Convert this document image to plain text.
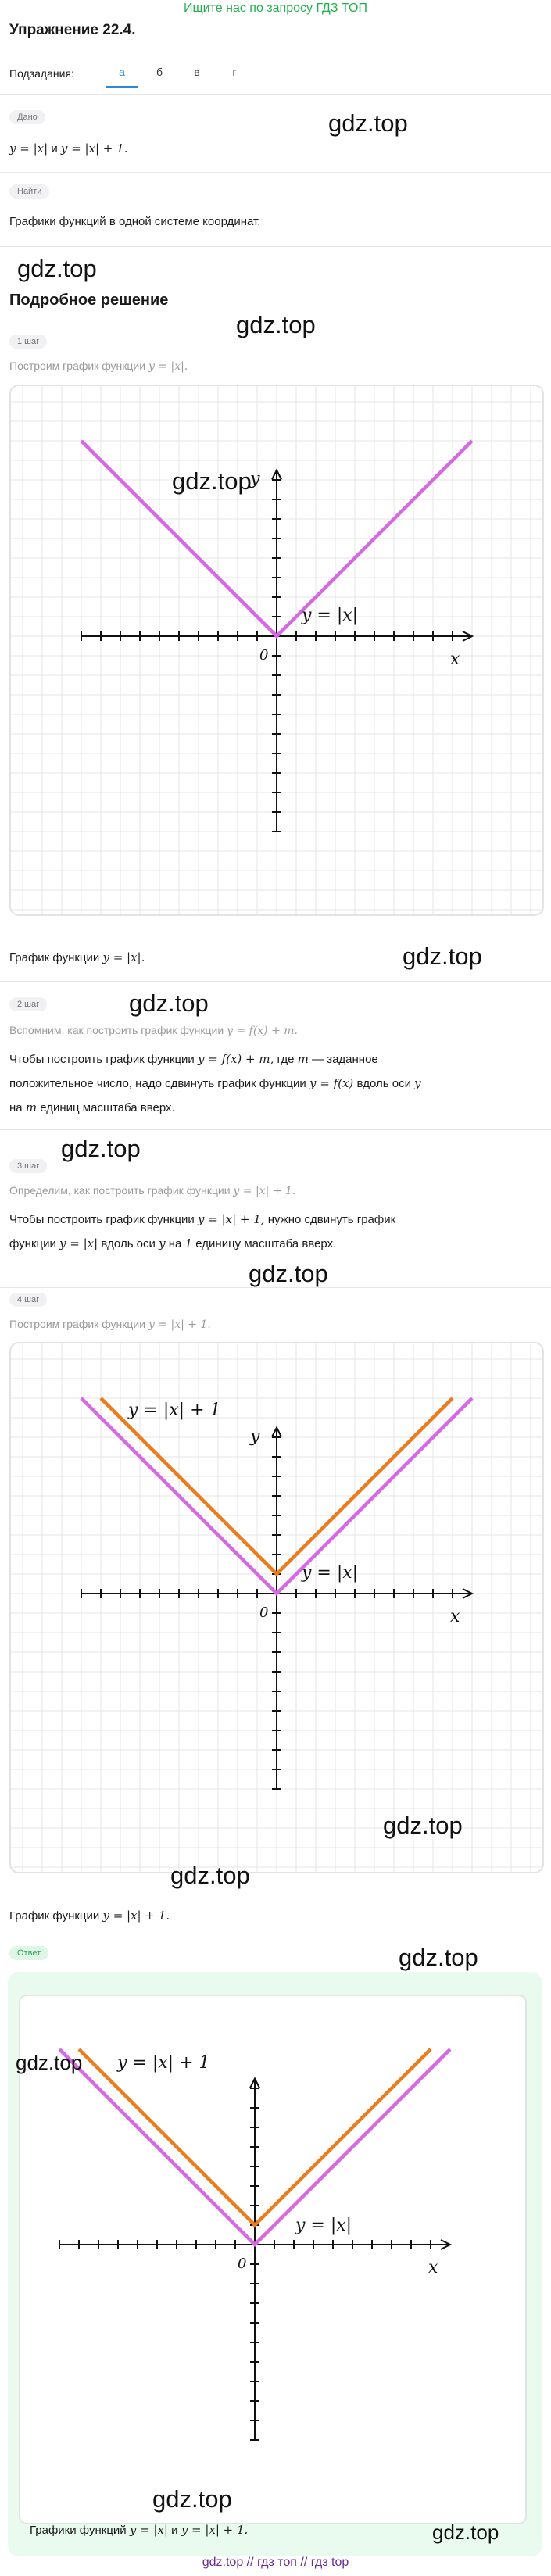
Ищите нас по запросу ГДЗ ТОП
Упражнение 22.4.
Подзадания:	а	б	в	г
Дано
y = |x| и y = |x| + 1.
gdz.top
Найти
Графики функций в одной системе координат.
gdz.top
Подробное решение
gdz.top
1 шаг
Построим график функции y = |x|.
x
y
0
y = |x|
gdz.top
График функции y = |x|.	gdz.top
2 шаг	gdz.top
Вспомним, как построить график функции y = f(x) + m.
Чтобы построить график функции y = f(x) + m, где m — заданное
положительное число, надо сдвинуть график функции y = f(x) вдоль оси y
на m единиц масштаба вверх.
gdz.top
3 шаг
Определим, как построить график функции y = |x| + 1.
Чтобы построить график функции y = |x| + 1, нужно сдвинуть график
функции y = |x| вдоль оси y на 1 единицу масштаба вверх.
gdz.top
4 шаг
Построим график функции y = |x| + 1.
x
y
0
y = |x| + 1
y = |x|
gdz.top
gdz.top
График функции y = |x| + 1.
Ответ	gdz.top
x
0
y = |x| + 1
y = |x|
gdz.top
gdz.top
Графики функций y = |x| и y = |x| + 1.	gdz.top
gdz.top // гдз топ // гдз top
